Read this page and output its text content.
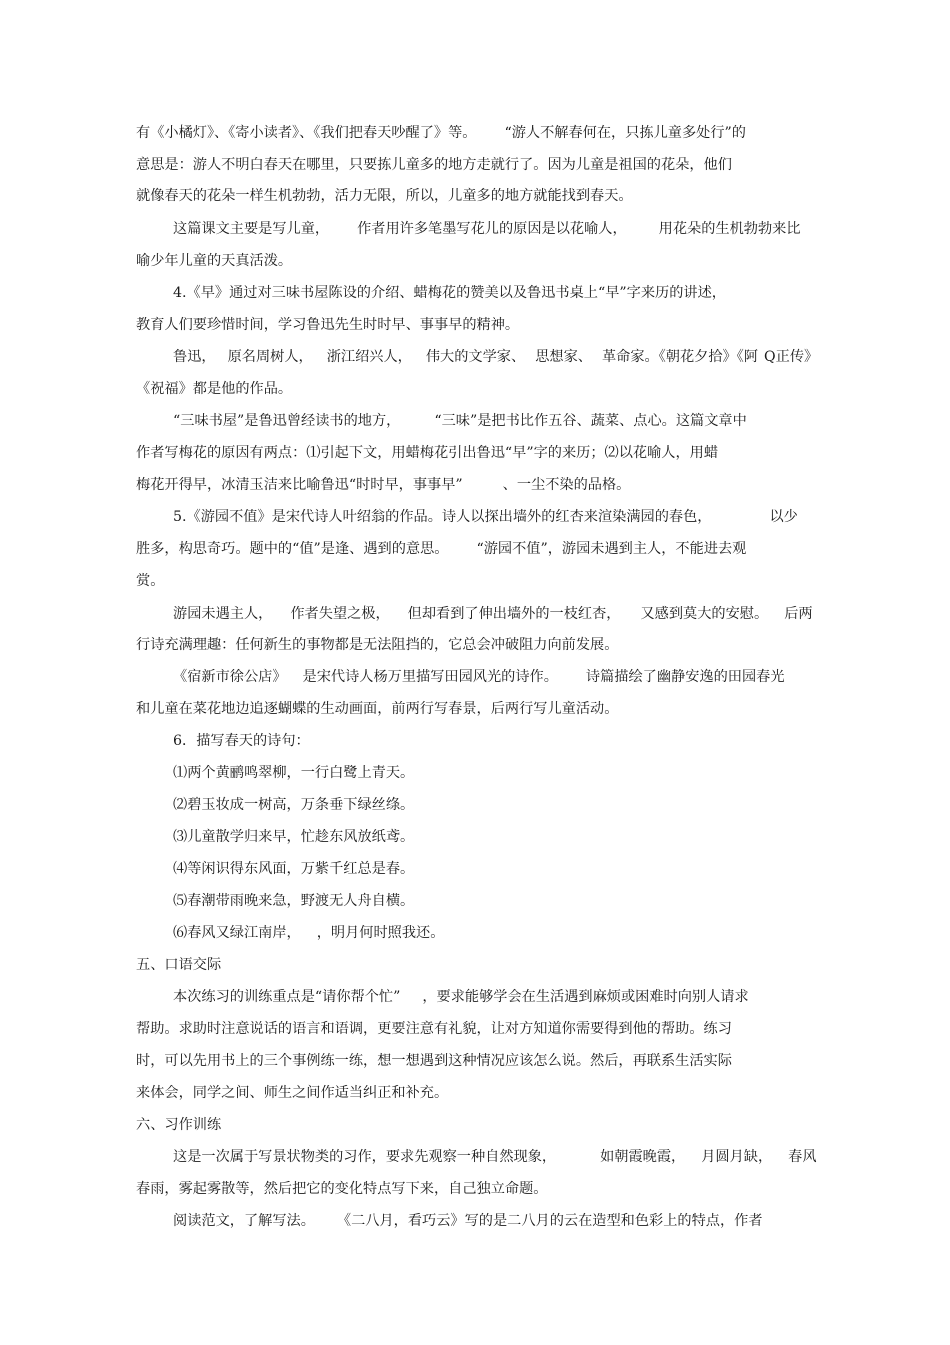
有《小橘灯》、《寄小读者》、《我们把春天吵醒了》等。 “游人不解春何在，只拣儿童多处行”的
意思是：游人不明白春天在哪里，只要拣儿童多的地方走就行了。因为儿童是祖国的花朵，他们
就像春天的花朵一样生机勃勃，活力无限，所以，儿童多的地方就能找到春天。
这篇课文主要是写儿童， 作者用许多笔墨写花儿的原因是以花喻人， 用花朵的生机勃勃来比
喻少年儿童的天真活泼。
4.《早》通过对三味书屋陈设的介绍、蜡梅花的赞美以及鲁迅书桌上“早”字来历的讲述，
教育人们要珍惜时间，学习鲁迅先生时时早、事事早的精神。
鲁迅， 原名周树人， 浙江绍兴人， 伟大的文学家、 思想家、 革命家。《朝花夕拾》《阿 Q正传》
《祝福》都是他的作品。
“三味书屋”是鲁迅曾经读书的地方， “三味”是把书比作五谷、蔬菜、点心。这篇文章中
作者写梅花的原因有两点：⑴引起下文，用蜡梅花引出鲁迅“早”字的来历；⑵以花喻人，用蜡
梅花开得早，冰清玉洁来比喻鲁迅“时时早，事事早”	、一尘不染的品格。
5.《游园不值》是宋代诗人叶绍翁的作品。诗人以探出墙外的红杏来渲染满园的春色，	以少
胜多，构思奇巧。题中的“值”是逢、遇到的意思。 “游园不值”，游园未遇到主人，不能进去观
赏。
游园未遇主人， 作者失望之极， 但却看到了伸出墙外的一枝红杏， 又感到莫大的安慰。 后两
行诗充满理趣：任何新生的事物都是无法阻挡的，它总会冲破阻力向前发展。
《宿新市徐公店》 是宋代诗人杨万里描写田园风光的诗作。 诗篇描绘了幽静安逸的田园春光
和儿童在菜花地边追逐蝴蝶的生动画面，前两行写春景，后两行写儿童活动。
6．描写春天的诗句：
⑴两个黄鹂鸣翠柳，一行白鹭上青天。
⑵碧玉妆成一树高，万条垂下绿丝绦。
⑶儿童散学归来早，忙趁东风放纸鸢。
⑷等闲识得东风面，万紫千红总是春。
⑸春潮带雨晚来急，野渡无人舟自横。
⑹春风又绿江南岸， ，明月何时照我还。
五、口语交际
本次练习的训练重点是“请你帮个忙” ，要求能够学会在生活遇到麻烦或困难时向别人请求
帮助。求助时注意说话的语言和语调，更要注意有礼貌，让对方知道你需要得到他的帮助。练习
时，可以先用书上的三个事例练一练，想一想遇到这种情况应该怎么说。然后，再联系生活实际
来体会，同学之间、师生之间作适当纠正和补充。
六、习作训练
这是一次属于写景状物类的习作，要求先观察一种自然现象，	如朝霞晚霞， 月圆月缺， 春风
春雨，雾起雾散等，然后把它的变化特点写下来，自己独立命题。
阅读范文，了解写法。 《二八月，看巧云》写的是二八月的云在造型和色彩上的特点，作者
